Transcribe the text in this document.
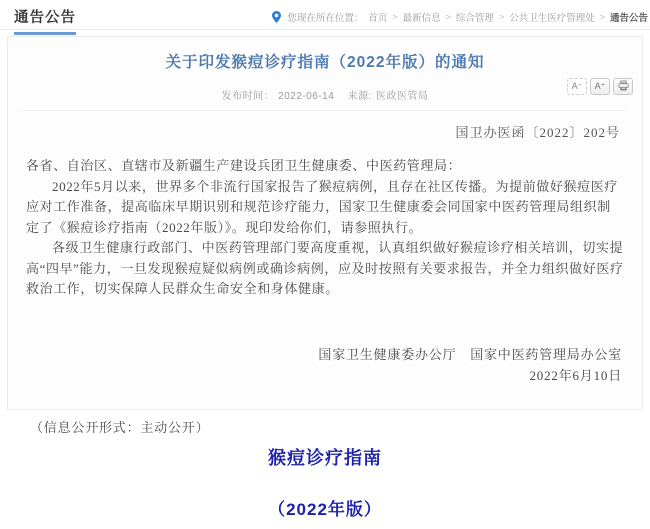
通告公告	您现在所在位置： 首页 > 最新信息 > 综合管理 > 公共卫生医疗管理处 > 通告公告
关于印发猴痘诊疗指南（2022年版）的通知
发布时间： 2022-06-14 来源: 医政医管局
A⁻	A⁺
国卫办医函〔2022〕202号

各省、自治区、直辖市及新疆生产建设兵团卫生健康委、中医药管理局：

2022年5月以来，世界多个非流行国家报告了猴痘病例，且存在社区传播。为提前做好猴痘医疗应对工作准备，提高临床早期识别和规范诊疗能力，国家卫生健康委会同国家中医药管理局组织制定了《猴痘诊疗指南（2022年版）》。现印发给你们，请参照执行。

各级卫生健康行政部门、中医药管理部门要高度重视，认真组织做好猴痘诊疗相关培训，切实提高“四早”能力，一旦发现猴痘疑似病例或确诊病例，应及时按照有关要求报告，并全力组织做好医疗救治工作，切实保障人民群众生命安全和身体健康。

国家卫生健康委办公厅　国家中医药管理局办公室
2022年6月10日
（信息公开形式：主动公开）
猴痘诊疗指南
（2022年版）
